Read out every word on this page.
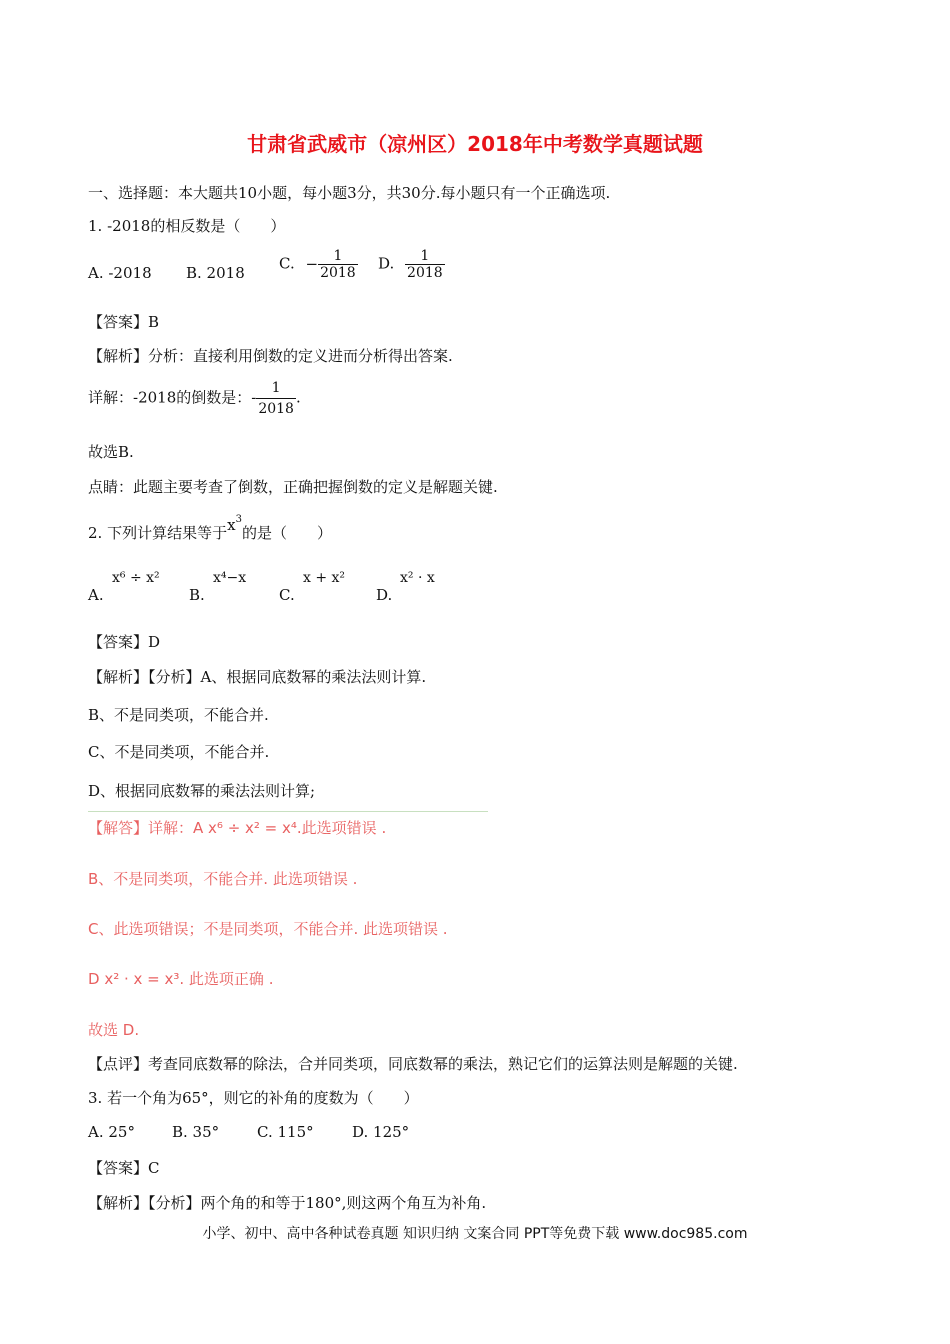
甘肃省武威市（凉州区）2018年中考数学真题试题
一、选择题：本大题共10小题，每小题3分，共30分.每小题只有一个正确选项.
1. -2018的相反数是（　　）
A. -2018 B. 2018
C. − $\frac{1}{2018} D$. $\frac{1}{2018}$
【答案】B
【解析】分析：直接利用倒数的定义进而分析得出答案.
详解：-2018的倒数是：- $\frac{1}{2018}$ .
故选B.
点睛：此题主要考查了倒数，正确把握倒数的定义是解题关键.
2. 下列计算结果等于$x^3$的是（　　）
A.
x⁶ ÷ x²
B.
x⁴−x
C.
x + x²
D.
x² · x
【答案】D
【解析】【分析】A、根据同底数幂的乘法法则计算.
B、不是同类项，不能合并.
C、不是同类项，不能合并.
D、根据同底数幂的乘法法则计算;
【解答】详解：A x⁶ ÷ x² = x⁴.此选项错误 .
B、不是同类项，不能合并. 此选项错误 .
C、此选项错误；不是同类项，不能合并. 此选项错误 .
D x² · x = x³. 此选项正确 .
故选 D.
【点评】考查同底数幂的除法，合并同类项，同底数幂的乘法，熟记它们的运算法则是解题的关键.
3. 若一个角为65°，则它的补角的度数为（　　）
A. 25° B. 35°	C. 115°	D. 125°
【答案】C
【解析】【分析】两个角的和等于180°,则这两个角互为补角.
小学、初中、高中各种试卷真题 知识归纳 文案合同 PPT等免费下载 www.doc985.com
